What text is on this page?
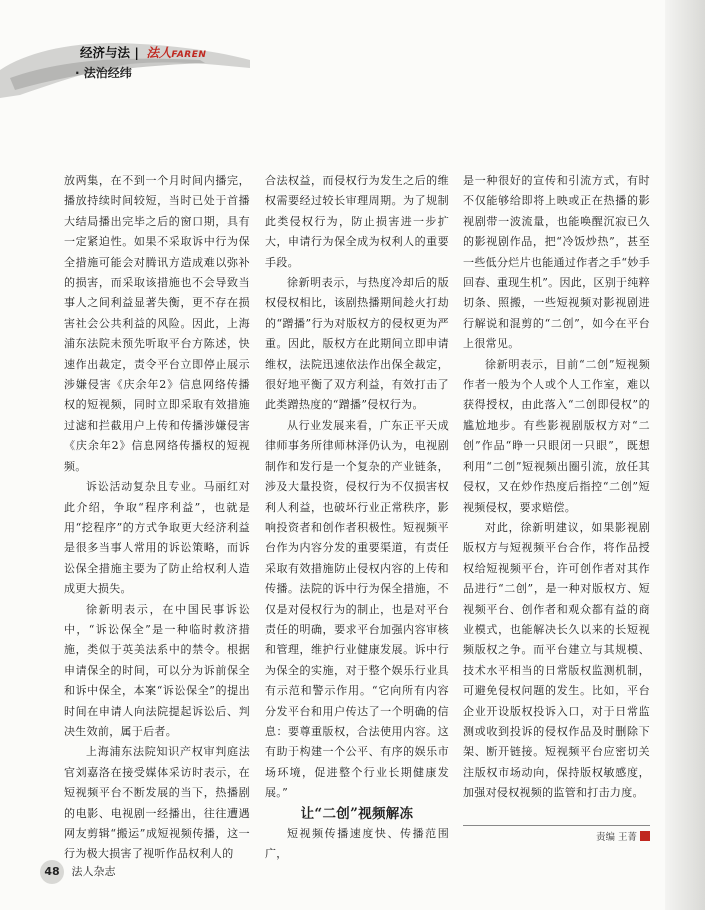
经济与法 | 法人FAREN
· 法治经纬

放两集，在不到一个月时间内播完，播放持续时间较短，当时已处于首播大结局播出完毕之后的窗口期，具有一定紧迫性。如果不采取诉中行为保全措施可能会对腾讯方造成难以弥补的损害，而采取该措施也不会导致当事人之间利益显著失衡，更不存在损害社会公共利益的风险。因此，上海浦东法院未预先听取平台方陈述，快速作出裁定，责令平台立即停止展示涉嫌侵害《庆余年2》信息网络传播权的短视频，同时立即采取有效措施过滤和拦截用户上传和传播涉嫌侵害《庆余年2》信息网络传播权的短视频。

诉讼活动复杂且专业。马丽红对此介绍，争取“程序利益”，也就是用“挖程序”的方式争取更大经济利益是很多当事人常用的诉讼策略，而诉讼保全措施主要为了防止给权利人造成更大损失。

徐新明表示，在中国民事诉讼中，“诉讼保全”是一种临时救济措施，类似于英美法系中的禁令。根据申请保全的时间，可以分为诉前保全和诉中保全，本案“诉讼保全”的提出时间在申请人向法院提起诉讼后、判决生效前，属于后者。

上海浦东法院知识产权审判庭法官刘嘉洛在接受媒体采访时表示，在短视频平台不断发展的当下，热播剧的电影、电视剧一经播出，往往遭遇网友剪辑“搬运”成短视频传播，这一行为极大损害了视听作品权利人的

合法权益，而侵权行为发生之后的维权需要经过较长审理周期。为了规制此类侵权行为，防止损害进一步扩大，申请行为保全成为权利人的重要手段。

徐新明表示，与热度冷却后的版权侵权相比，该剧热播期间趁火打劫的“蹭播”行为对版权方的侵权更为严重。因此，版权方在此期间立即申请维权，法院迅速依法作出保全裁定，很好地平衡了双方利益，有效打击了此类蹭热度的“蹭播”侵权行为。

从行业发展来看，广东正平天成律师事务所律师林泽仍认为，电视剧制作和发行是一个复杂的产业链条，涉及大量投资，侵权行为不仅损害权利人利益，也破坏行业正常秩序，影响投资者和创作者积极性。短视频平台作为内容分发的重要渠道，有责任采取有效措施防止侵权内容的上传和传播。法院的诉中行为保全措施，不仅是对侵权行为的制止，也是对平台责任的明确，要求平台加强内容审核和管理，维护行业健康发展。诉中行为保全的实施，对于整个娱乐行业具有示范和警示作用。“它向所有内容分发平台和用户传达了一个明确的信息：要尊重版权，合法使用内容。这有助于构建一个公平、有序的娱乐市场环境，促进整个行业长期健康发展。”

让“二创”视频解冻

短视频传播速度快、传播范围广，

是一种很好的宣传和引流方式，有时不仅能够给即将上映或正在热播的影视剧带一波流量，也能唤醒沉寂已久的影视剧作品，把“冷饭炒热”，甚至一些低分烂片也能通过作者之手“妙手回春、重现生机”。因此，区别于纯粹切条、照搬，一些短视频对影视剧进行解说和混剪的“二创”，如今在平台上很常见。

徐新明表示，目前“二创”短视频作者一般为个人或个人工作室，难以获得授权，由此落入“二创即侵权”的尴尬地步。有些影视剧版权方对“二创”作品“睁一只眼闭一只眼”，既想利用“二创”短视频出圈引流，放任其侵权，又在炒作热度后指控“二创”短视频侵权，要求赔偿。

对此，徐新明建议，如果影视剧版权方与短视频平台合作，将作品授权给短视频平台，许可创作者对其作品进行“二创”，是一种对版权方、短视频平台、创作者和观众都有益的商业模式，也能解决长久以来的长短视频版权之争。而平台建立与其规模、技术水平相当的日常版权监测机制，可避免侵权问题的发生。比如，平台企业开设版权投诉入口，对于日常监测或收到投诉的侵权作品及时删除下架、断开链接。短视频平台应密切关注版权市场动向，保持版权敏感度，加强对侵权视频的监管和打击力度。

责编 王菁
48 法人杂志
